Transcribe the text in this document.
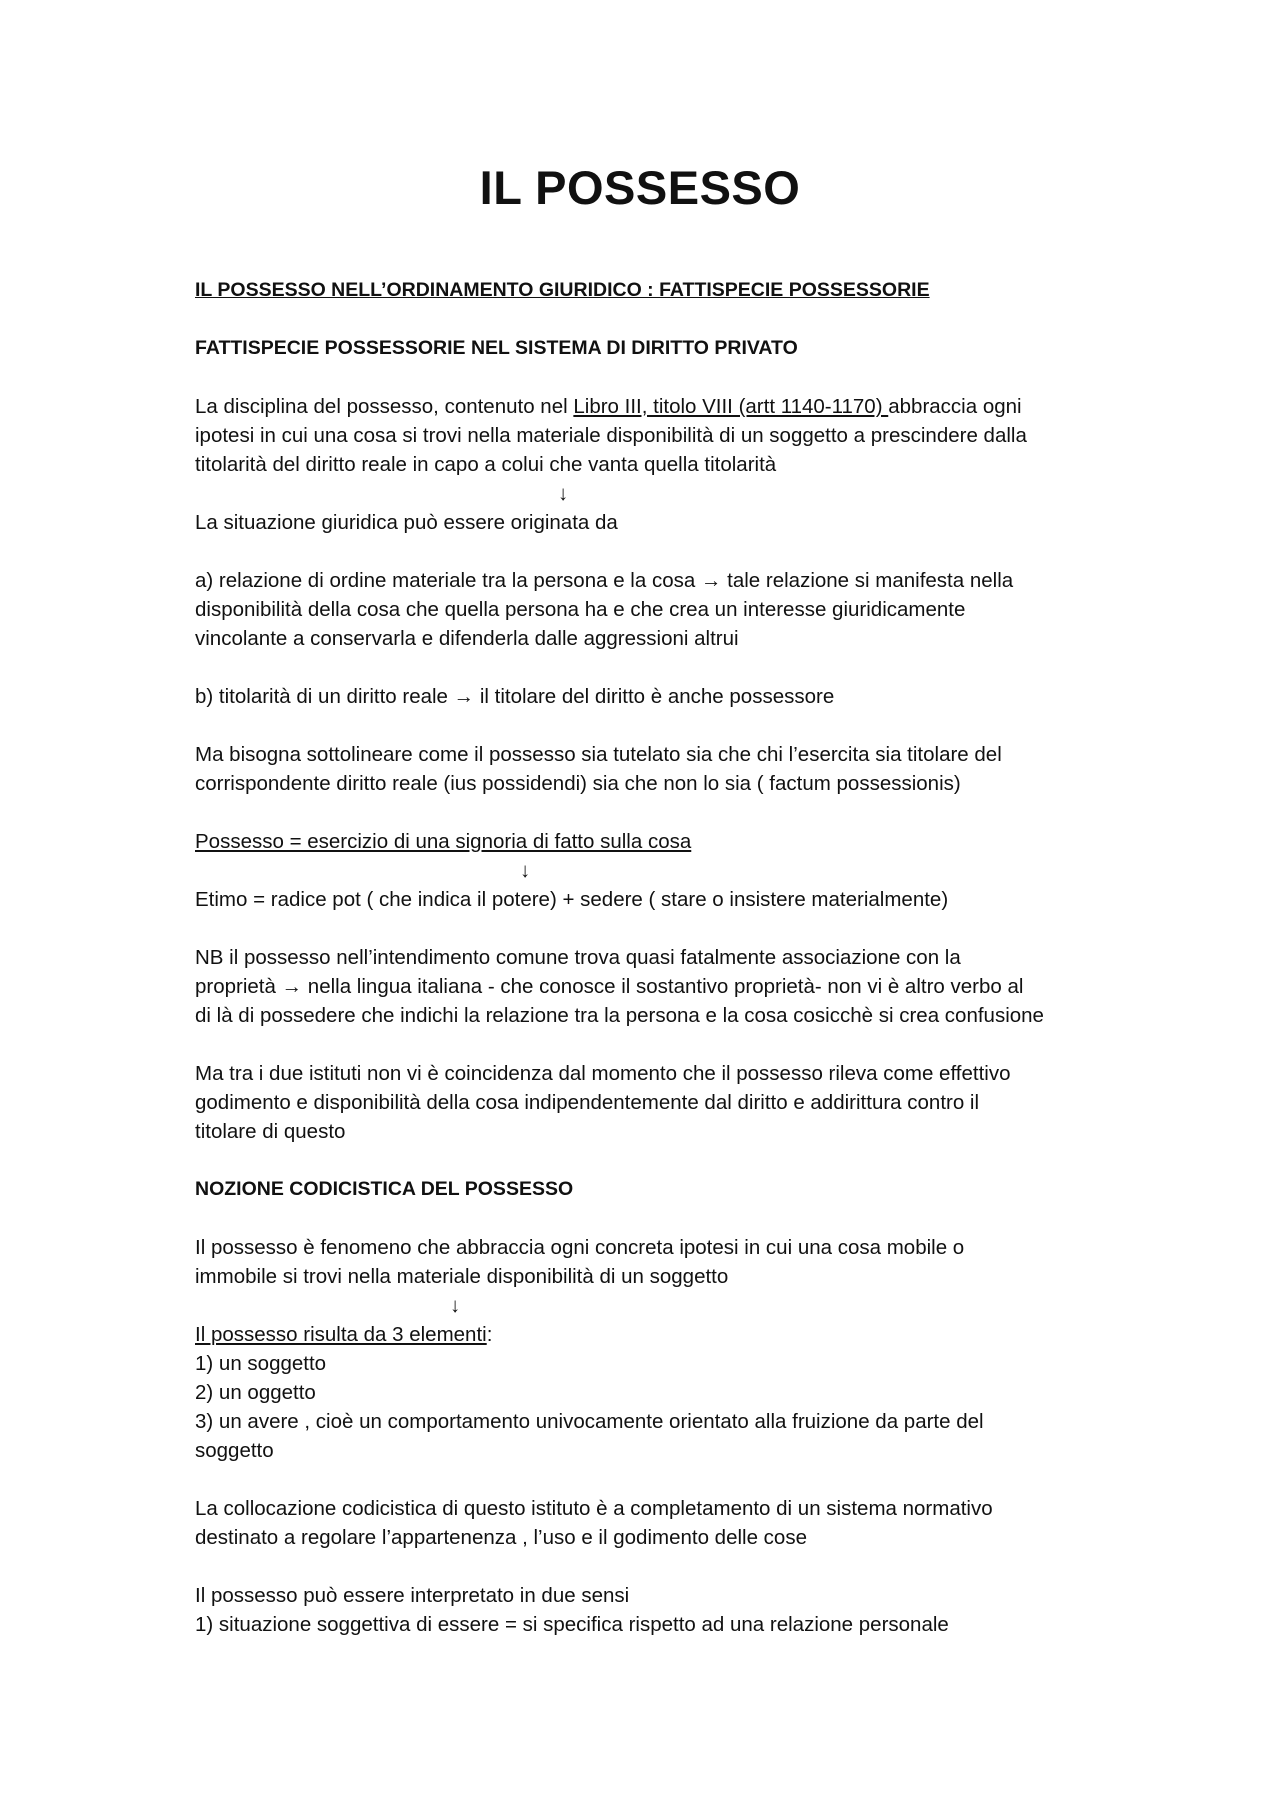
IL POSSESSO
IL POSSESSO NELL’ORDINAMENTO GIURIDICO : FATTISPECIE POSSESSORIE
FATTISPECIE POSSESSORIE NEL SISTEMA DI DIRITTO PRIVATO
La disciplina del possesso, contenuto nel Libro III, titolo VIII (artt 1140-1170) abbraccia ogni
ipotesi in cui una cosa si trovi nella materiale disponibilità di un soggetto a prescindere dalla
titolarità del diritto reale in capo a colui che vanta quella titolarità
↓
La situazione giuridica può essere originata da
a) relazione di ordine materiale tra la persona e la cosa → tale relazione si manifesta nella
disponibilità della cosa che quella persona ha e che crea un interesse giuridicamente
vincolante a conservarla e difenderla dalle aggressioni altrui
b) titolarità di un diritto reale → il titolare del diritto è anche possessore
Ma bisogna sottolineare come il possesso sia tutelato sia che chi l’esercita sia titolare del
corrispondente diritto reale (ius possidendi) sia che non lo sia ( factum possessionis)
Possesso = esercizio di una signoria di fatto sulla cosa
↓
Etimo = radice pot ( che indica il potere) + sedere ( stare o insistere materialmente)
NB il possesso nell’intendimento comune trova quasi fatalmente associazione con la
proprietà → nella lingua italiana - che conosce il sostantivo proprietà- non vi è altro verbo al
di là di possedere che indichi la relazione tra la persona e la cosa cosicchè si crea confusione
Ma tra i due istituti non vi è coincidenza dal momento che il possesso rileva come effettivo
godimento e disponibilità della cosa indipendentemente dal diritto e addirittura contro il
titolare di questo
NOZIONE CODICISTICA DEL POSSESSO
Il possesso è fenomeno che abbraccia ogni concreta ipotesi in cui una cosa mobile o
immobile si trovi nella materiale disponibilità di un soggetto
↓
Il possesso risulta da 3 elementi:
1) un soggetto
2) un oggetto
3) un avere , cioè un comportamento univocamente orientato alla fruizione da parte del
soggetto
La collocazione codicistica di questo istituto è a completamento di un sistema normativo
destinato a regolare l’appartenenza , l’uso e il godimento delle cose
Il possesso può essere interpretato in due sensi
1) situazione soggettiva di essere = si specifica rispetto ad una relazione personale
